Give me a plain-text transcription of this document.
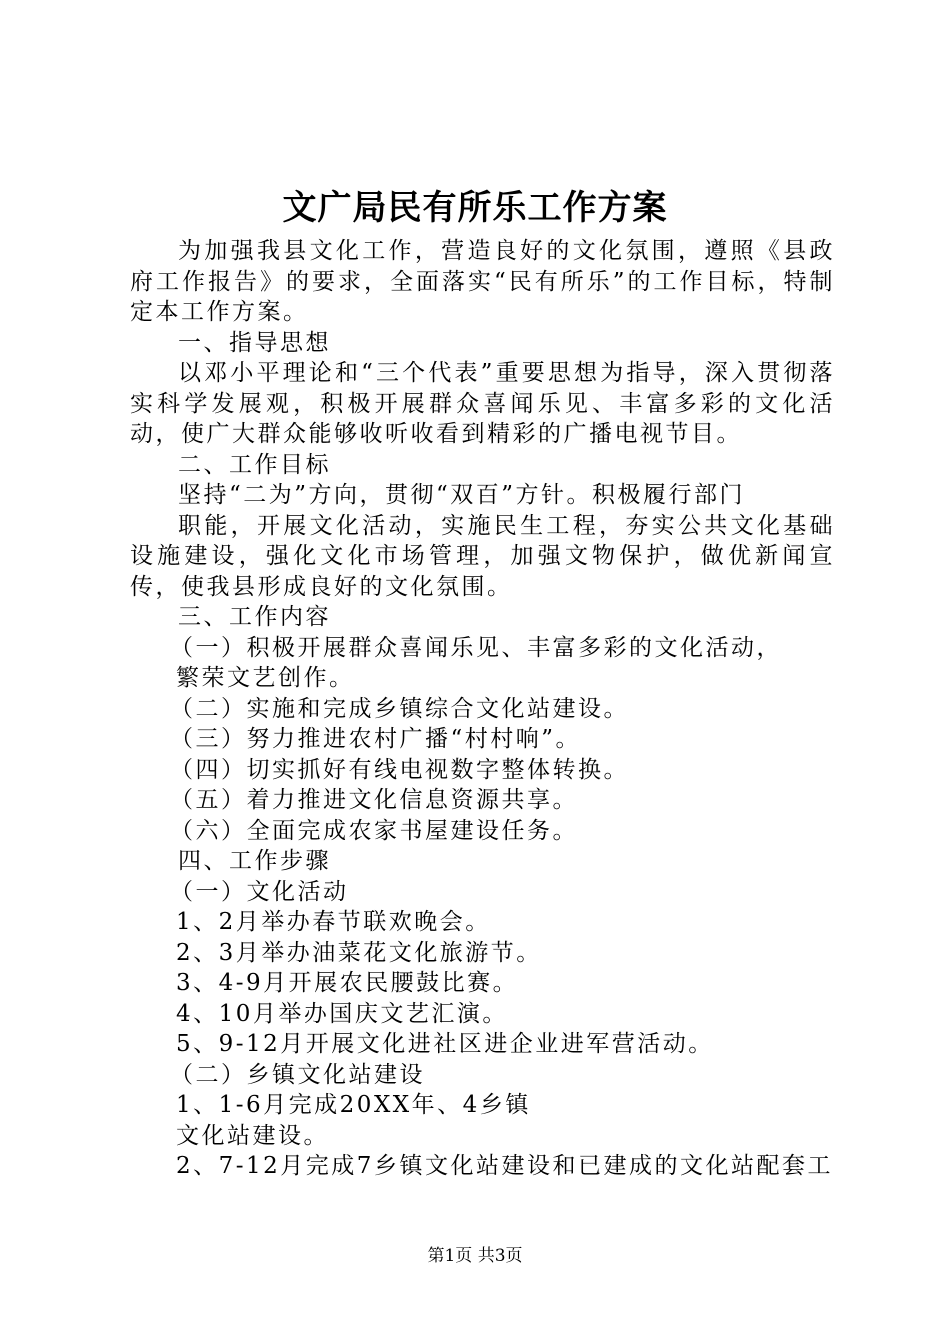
文广局民有所乐工作方案

为加强我县文化工作，营造良好的文化氛围，遵照《县政府工作报告》的要求，全面落实“民有所乐”的工作目标，特制定本工作方案。

一、指导思想

以邓小平理论和“三个代表”重要思想为指导，深入贯彻落实科学发展观，积极开展群众喜闻乐见、丰富多彩的文化活动，使广大群众能够收听收看到精彩的广播电视节目。

二、工作目标

坚持“二为”方向，贯彻“双百”方针。积极履行部门

职能，开展文化活动，实施民生工程，夯实公共文化基础设施建设，强化文化市场管理，加强文物保护，做优新闻宣传，使我县形成良好的文化氛围。

三、工作内容

（一）积极开展群众喜闻乐见、丰富多彩的文化活动，

繁荣文艺创作。

（二）实施和完成乡镇综合文化站建设。

（三）努力推进农村广播“村村响”。

（四）切实抓好有线电视数字整体转换。

（五）着力推进文化信息资源共享。

（六）全面完成农家书屋建设任务。

四、工作步骤

（一）文化活动

1、2月举办春节联欢晚会。

2、3月举办油菜花文化旅游节。

3、4-9月开展农民腰鼓比赛。

4、10月举办国庆文艺汇演。

5、9-12月开展文化进社区进企业进军营活动。

（二）乡镇文化站建设

1、1-6月完成20XX年、4乡镇

文化站建设。

2、7-12月完成7乡镇文化站建设和已建成的文化站配套工

第1页 共3页
